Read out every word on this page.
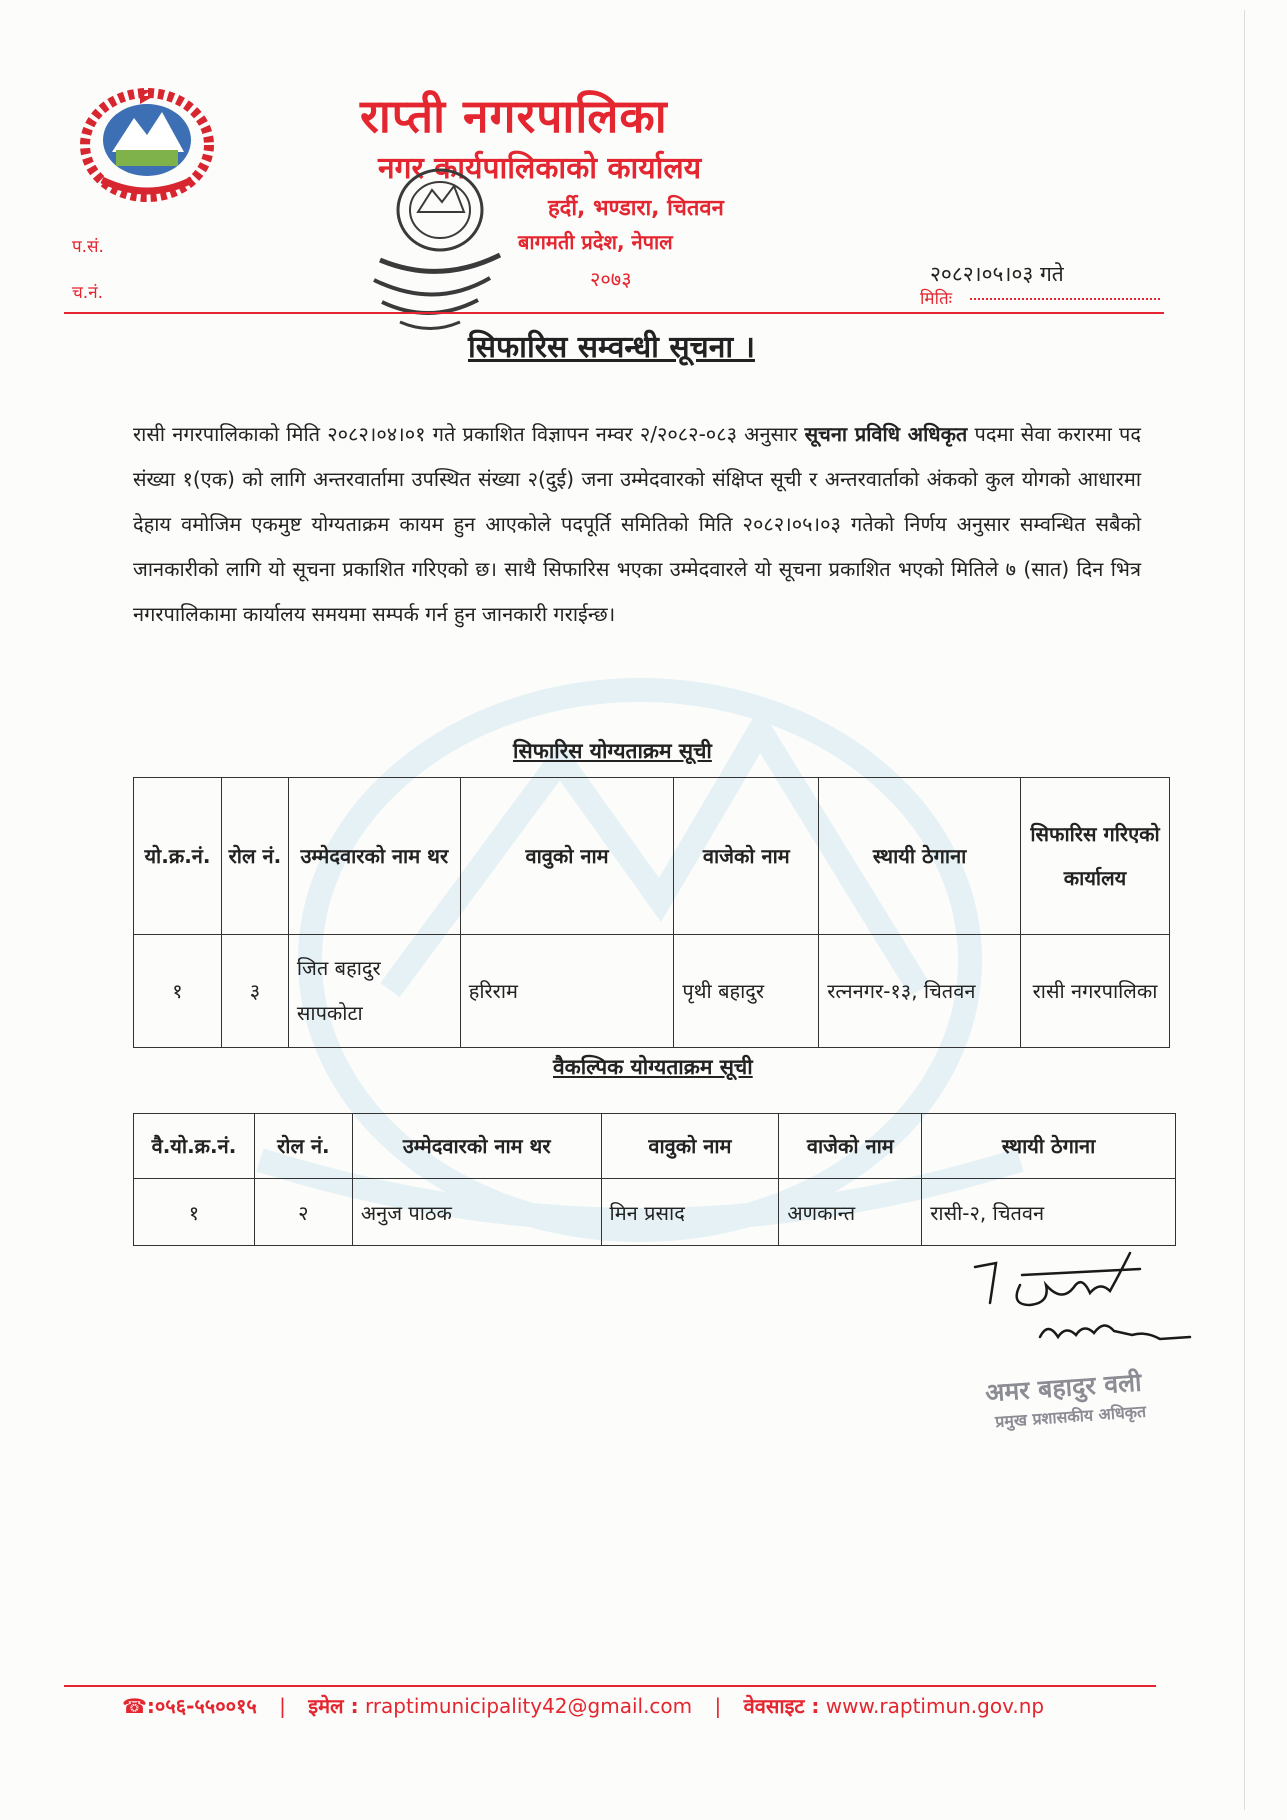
राप्ती नगरपालिका
नगर कार्यपालिकाको कार्यालय
हर्दी, भण्डारा, चितवन
बागमती प्रदेश, नेपाल
२०७३
प.सं.
च.नं.
२०८२।०५।०३ गते
मितिः
सिफारिस सम्वन्धी सूचना ।
रासी नगरपालिकाको मिति २०८२।०४।०१ गते प्रकाशित विज्ञापन नम्वर २/२०८२-०८३ अनुसार सूचना प्रविधि अधिकृत पदमा सेवा करारमा पद संख्या १(एक) को लागि अन्तरवार्तामा उपस्थित संख्या २(दुई) जना उम्मेदवारको संक्षिप्त सूची र अन्तरवार्ताको अंकको कुल योगको आधारमा देहाय वमोजिम एकमुष्ट योग्यताक्रम कायम हुन आएकोले पदपूर्ति समितिको मिति २०८२।०५।०३ गतेको निर्णय अनुसार सम्वन्धित सबैको जानकारीको लागि यो सूचना प्रकाशित गरिएको छ। साथै सिफारिस भएका उम्मेदवारले यो सूचना प्रकाशित भएको मितिले ७ (सात) दिन भित्र नगरपालिकामा कार्यालय समयमा सम्पर्क गर्न हुन जानकारी गराईन्छ।
सिफारिस योग्यताक्रम सूची
यो.क्र.नं.	रोल नं.	उम्मेदवारको नाम थर	वावुको नाम	वाजेको नाम	स्थायी ठेगाना	सिफारिस गरिएको कार्यालय
१	३	जित बहादुर सापकोटा	हरिराम	पृथी बहादुर	रत्ननगर-१३, चितवन	रासी नगरपालिका
वैकल्पिक योग्यताक्रम सूची
वै.यो.क्र.नं.	रोल नं.	उम्मेदवारको नाम थर	वावुको नाम	वाजेको नाम	स्थायी ठेगाना
१	२	अनुज पाठक	मिन प्रसाद	अणकान्त	रासी-२, चितवन
अमर बहादुर वली
प्रमुख प्रशासकीय अधिकृत
☎:०५६-५५००१५ | इमेल : rraptimunicipality42@gmail.com | वेवसाइट : www.raptimun.gov.np
